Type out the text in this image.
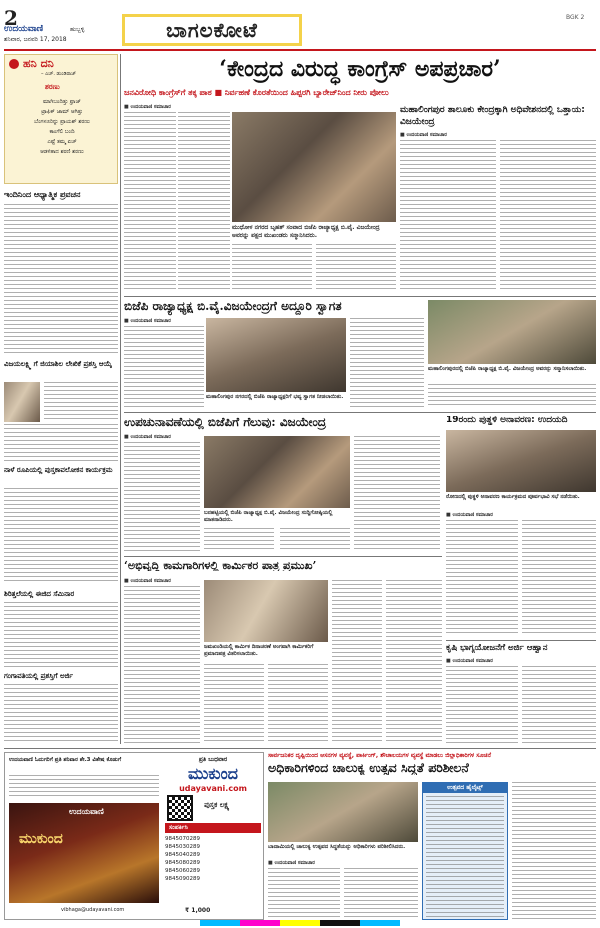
2
ಉದಯವಾಣಿ	ಹುಬ್ಬಳ್ಳಿ
ಶನಿವಾರ, ಜನವರಿ 17, 2018	ಬಾಗಲಕೋಟೆ
BGK 2
ಹನಿ ದನಿ
– ಎಚ್‌. ಡುಂಡಿರಾಜ್‌
ಶರಣು
ಮಾಗಿಬಂದಿತ್ತು ಫ್ರಾಜ್
ಟ್ರಾಫಿಕ್‌ ಜಾಮ್ ಆಗಿತ್ತು
ಬೆಂಗಳೂರಿನ್ನು ಪ್ರಾಯಶ್‌ ಶರಣು
ಕಾಂಗೆಲಿ ಬಂದಿ
ಎಷ್ಟೆ ತಮ್ಮ ಏಚ್‌
ಆಡಳಿತಾದ ಶರಣಿ ಶರಣು
ಇಂದಿನಿಂದ ಆಧ್ಯಾತ್ಮಿಕ ಪ್ರವಚನ
ವಿಜಯಲಕ್ಷ್ಮಿ ಗೆ ಜಿಯಾಶಿಲ ಲೇಖಿಕೆ ಪ್ರಶಸ್ತಿ ಆಯ್ಕೆ
ನಾಳೆ ರೂಪಿಯಲ್ಲಿ ಪುಸ್ತಕಾವಲೋಕನ ಕಾರ್ಯಕ್ರಮ
ಶಿರಿತ್ತಲೆಯಲ್ಲಿ ಈಜಿದ ಸೆಮಿನಾರ
ಗಂಗಾವತಿಯಲ್ಲಿ ಪ್ರಶಸ್ತಿಗೆ ಅರ್ಜಿ
‘ಕೇಂದ್ರದ ವಿರುದ್ಧ ಕಾಂಗ್ರೆಸ್‌ ಅಪಪ್ರಚಾರ’
ಜನವಿರೋಧಿ ಕಾಂಗ್ರೆಸ್‌ಗೆ ತಕ್ಕ ಪಾಠ ■ ನಿರ್ವಹಣೆ ಕೊರತೆಯಿಂದ ಹಿಪ್ಪರಗಿ ಬ್ಯಾರೇಜ್‌ನಿಂದ ನೀರು ಪೋಲು
■ ಉದಯವಾಣಿ ಸಮಾಚಾರ
ಮುಧೋಳ ನಗರದ ಬೃಹತ್‌ ಸಂವಾದ ಬಿಜೆಪಿ ರಾಜ್ಯಾಧ್ಯಕ್ಷ ಬಿ.ವೈ. ವಿಜಯೇಂದ್ರ ಅವರನ್ನು ಪಕ್ಷದ ಮುಖಂಡರು ಸನ್ಮಾನಿಸಿದರು.
ಮಹಾಲಿಂಗಪುರ ತಾಲೂಕು ಕೇಂದ್ರಕ್ಕಾಗಿ ಅಧಿವೇಶನದಲ್ಲಿ ಒತ್ತಾಯ: ವಿಜಯೇಂದ್ರ
■ ಉದಯವಾಣಿ ಸಮಾಚಾರ
ಬಿಜೆಪಿ ರಾಜ್ಯಾಧ್ಯಕ್ಷ ಬಿ.ವೈ.ವಿಜಯೇಂದ್ರಗೆ ಅದ್ದೂರಿ ಸ್ವಾಗತ
■ ಉದಯವಾಣಿ ಸಮಾಚಾರ
ಮಹಾಲಿಂಗಪುರ ನಗರದಲ್ಲಿ ಬಿಜೆಪಿ ರಾಜ್ಯಾಧ್ಯಕ್ಷರಿಗೆ ಭವ್ಯ ಸ್ವಾಗತ ನೀಡಲಾಯಿತು.
ಮಹಾಲಿಂಗಪುರದಲ್ಲಿ ಬಿಜೆಪಿ ರಾಜ್ಯಾಧ್ಯಕ್ಷ ಬಿ.ವೈ. ವಿಜಯೇಂದ್ರ ಅವರನ್ನು ಸನ್ಮಾನಿಸಲಾಯಿತು.
ಉಪಚುನಾವಣೆಯಲ್ಲಿ ಬಿಜೆಪಿಗೆ ಗೆಲುವು: ವಿಜಯೇಂದ್ರ
■ ಉದಯವಾಣಿ ಸಮಾಚಾರ
ಬನಹಟ್ಟಿಯಲ್ಲಿ ಬಿಜೆಪಿ ರಾಜ್ಯಾಧ್ಯಕ್ಷ ಬಿ.ವೈ. ವಿಜಯೇಂದ್ರ ಸುದ್ದಿಗೋಷ್ಠಿಯಲ್ಲಿ ಮಾತನಾಡಿದರು.
19ರಂದು ಪುತ್ಥಳಿ ಅನಾವರಣ: ಉದಯದಿ
ರೋಣದಲ್ಲಿ ಪುತ್ಥಳಿ ಅನಾವರಣ ಕಾರ್ಯಕ್ರಮದ ಪೂರ್ವಭಾವಿ ಸಭೆ ನಡೆಯಿತು.
■ ಉದಯವಾಣಿ ಸಮಾಚಾರ
‘ಅಭಿವೃದ್ಧಿ ಕಾಮಗಾರಿಗಳಲ್ಲಿ ಕಾರ್ಮಿಕರ ಪಾತ್ರ ಪ್ರಮುಖ’
■ ಉದಯವಾಣಿ ಸಮಾಚಾರ
ಜಮಖಂಡಿಯಲ್ಲಿ ಕಾರ್ಮಿಕ ದಿನಾಚರಣೆ ಅಂಗವಾಗಿ ಕಾರ್ಮಿಕರಿಗೆ ಪ್ರಮಾಣಪತ್ರ ವಿತರಿಸಲಾಯಿತು.
ಕೃಷಿ ಭಾಗ್ಯಯೋಜನೆಗೆ ಅರ್ಜಿ ಆಹ್ವಾನ
■ ಉದಯವಾಣಿ ಸಮಾಚಾರ
ಉದಯವಾಣಿ ಓದುಗರಿಗೆ ಪ್ರತಿ ಶನಿವಾರ ಶೇ.3 ವಿಶೇಷ ಕೊಡುಗೆ
ಉದಯವಾಣಿ
ಮುಕುಂದ
vibhaga@udayavani.com	₹ 1,000
ಪ್ರತಿ ಬುಧವಾರ
ಮುಕುಂದ
udayavani.com
ಪುಸ್ತಕ ಲಕ್ಷ್ಯ
ಸಂಪರ್ಕಿಸಿ
9845070289
9845030289
9845040289
9845080289
9845060289
9845090289
ಸಾರ್ವಜನಿಕರ ದೃಷ್ಟಿಯಿಂದ ಆಸನಗಳ ವ್ಯವಸ್ಥೆ, ಪಾರ್ಕಿಂಗ್‌, ಶೌಚಾಲಯಗಳ ವ್ಯವಸ್ಥೆ ಮಾಡಲು ಜಿಲ್ಲಾಧಿಕಾರಿಗಳ ಸೂಚನೆ
ಅಧಿಕಾರಿಗಳಿಂದ ಚಾಲುಕ್ಯ ಉತ್ಸವ ಸಿದ್ಧತೆ ಪರಿಶೀಲನೆ
ಬಾದಾಮಿಯಲ್ಲಿ ಚಾಲುಕ್ಯ ಉತ್ಸವದ ಸಿದ್ಧತೆಯನ್ನು ಅಧಿಕಾರಿಗಳು ಪರಿಶೀಲಿಸಿದರು.
■ ಉದಯವಾಣಿ ಸಮಾಚಾರ
ಉತ್ಸವದ ಹೈಲೈಟ್ಸ್
